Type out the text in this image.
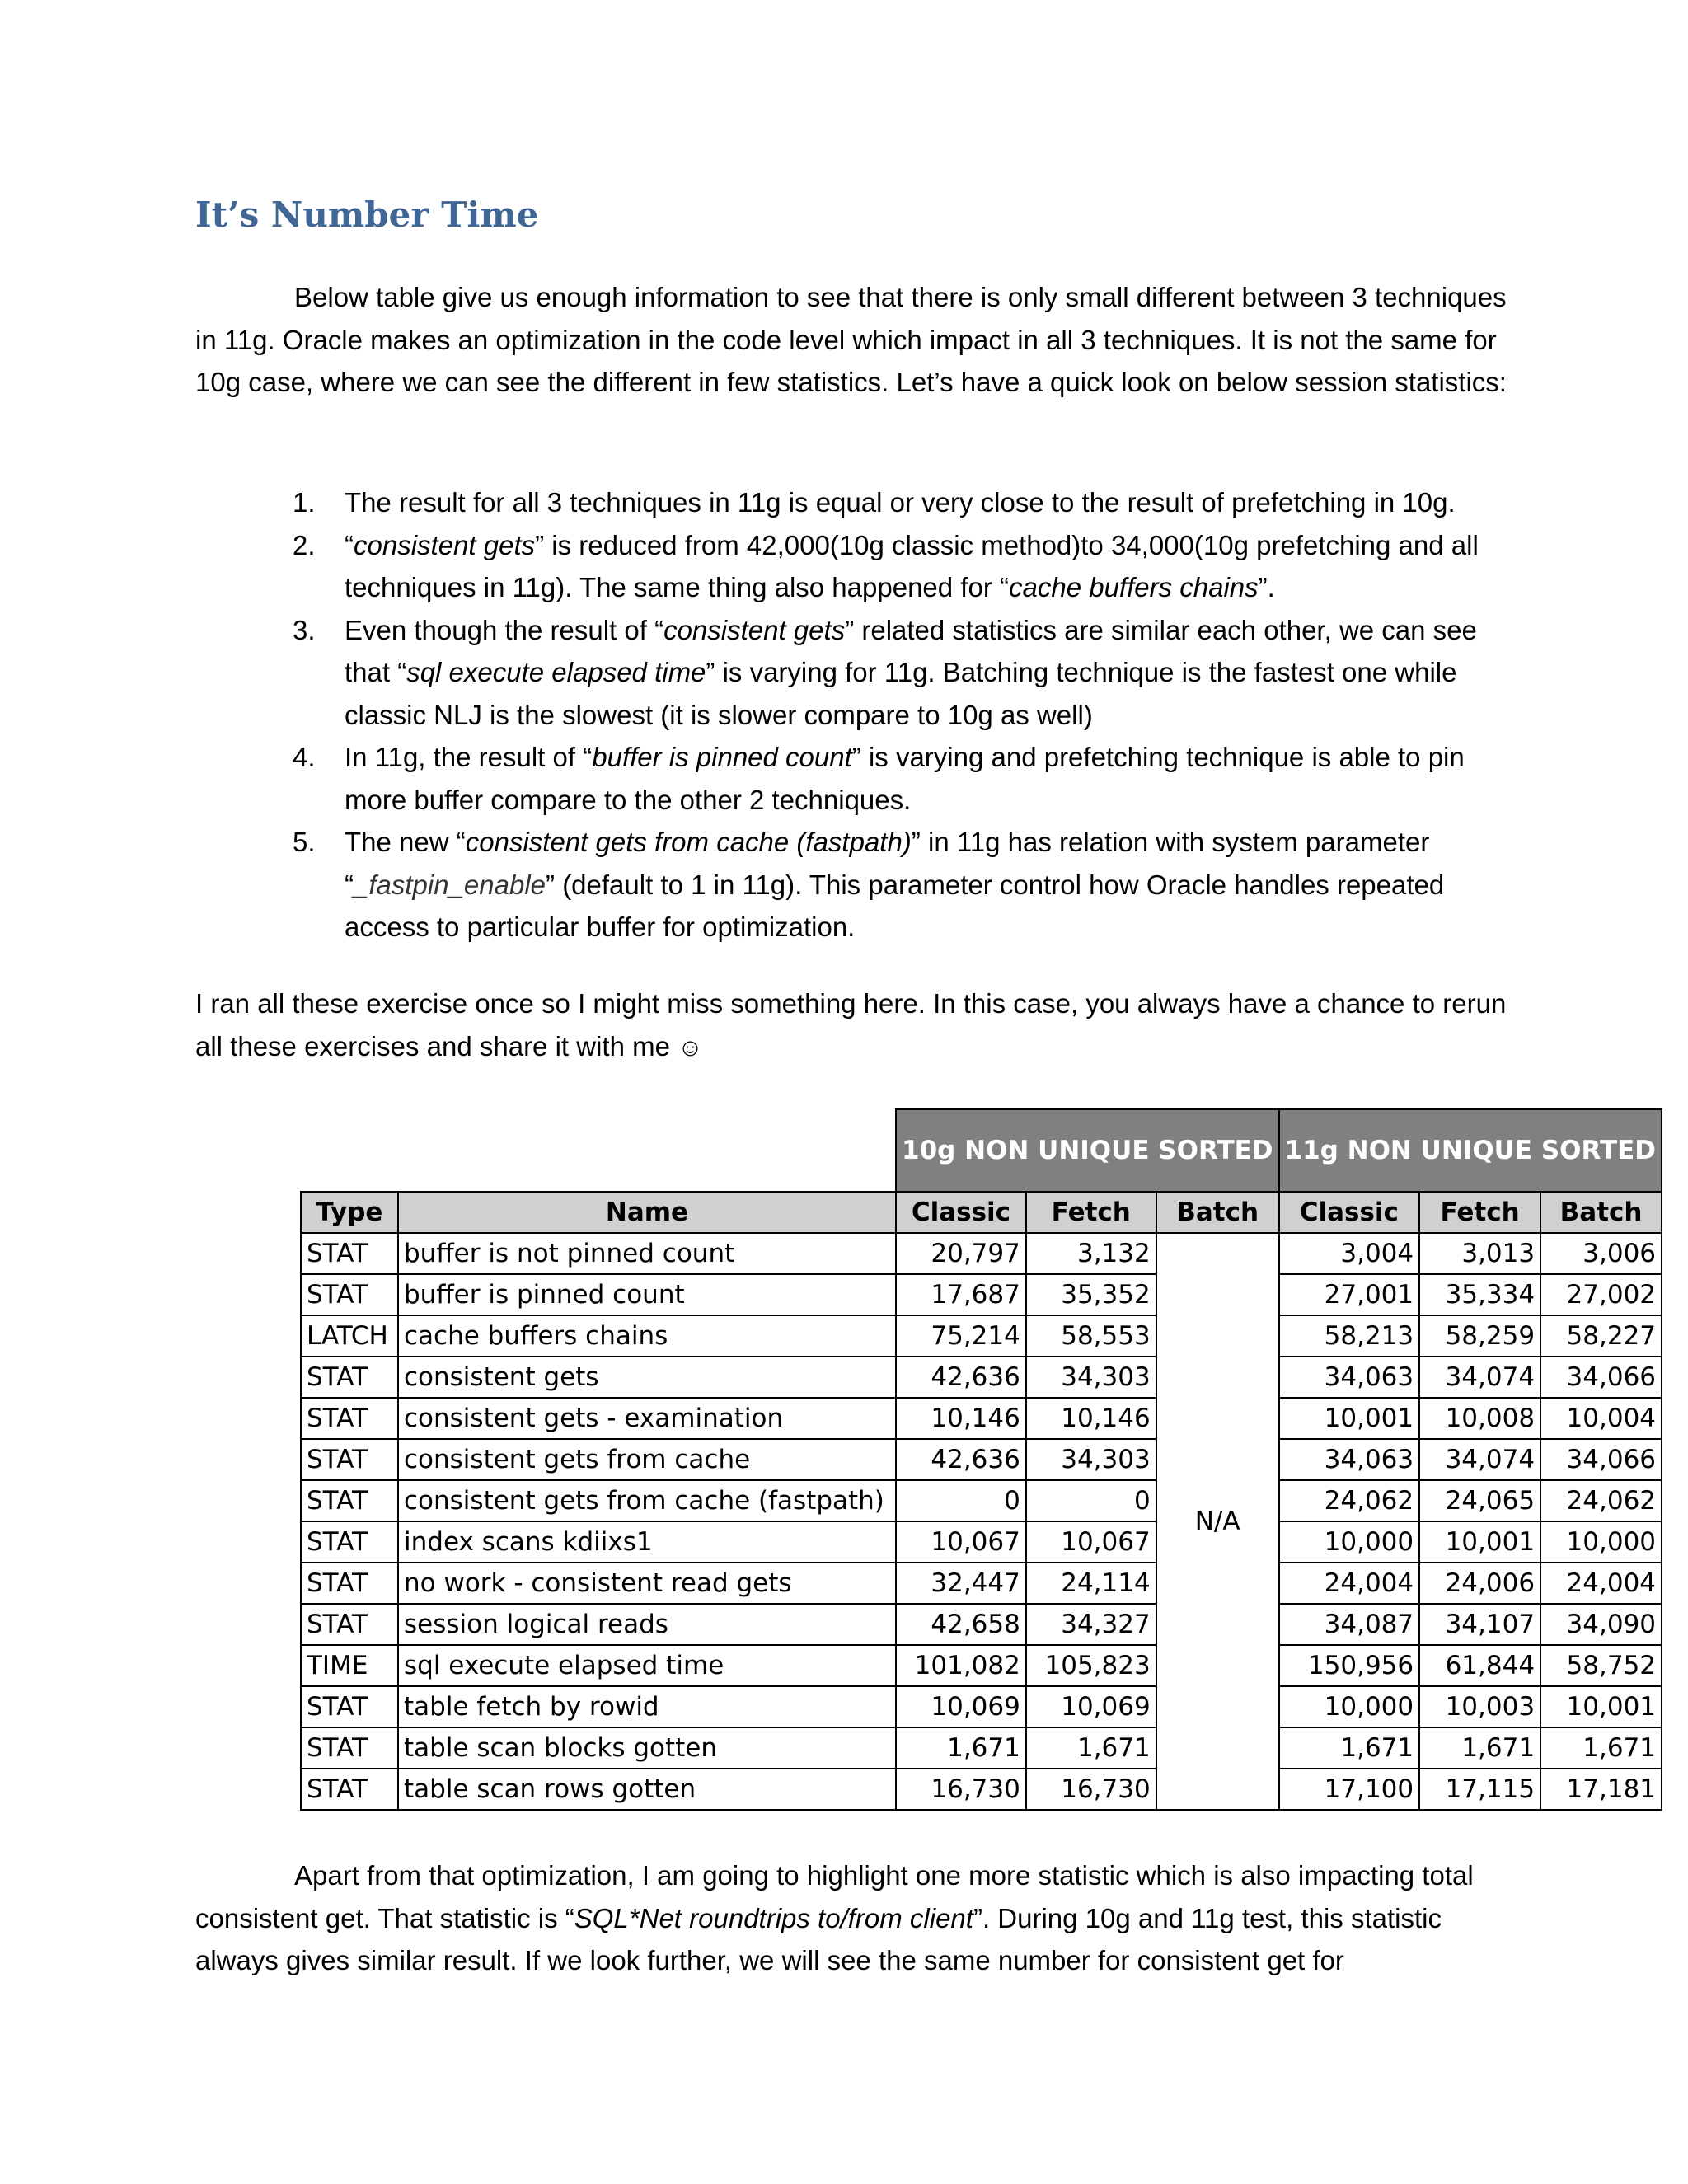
It’s Number Time

Below table give us enough information to see that there is only small different between 3 techniques in 11g. Oracle makes an optimization in the code level which impact in all 3 techniques. It is not the same for 10g case, where we can see the different in few statistics. Let’s have a quick look on below session statistics:

1. The result for all 3 techniques in 11g is equal or very close to the result of prefetching in 10g.
2. “consistent gets” is reduced from 42,000(10g classic method)to 34,000(10g prefetching and all techniques in 11g). The same thing also happened for “cache buffers chains”.
3. Even though the result of “consistent gets” related statistics are similar each other, we can see that “sql execute elapsed time” is varying for 11g. Batching technique is the fastest one while classic NLJ is the slowest (it is slower compare to 10g as well)
4. In 11g, the result of “buffer is pinned count” is varying and prefetching technique is able to pin more buffer compare to the other 2 techniques.
5. The new “consistent gets from cache (fastpath)” in 11g has relation with system parameter “_fastpin_enable” (default to 1 in 11g). This parameter control how Oracle handles repeated access to particular buffer for optimization.

I ran all these exercise once so I might miss something here. In this case, you always have a chance to rerun all these exercises and share it with me ☺

		10g NON UNIQUE SORTED			11g NON UNIQUE SORTED		
Type	Name	Classic	Fetch	Batch	Classic	Fetch	Batch
STAT	buffer is not pinned count	20,797	3,132	N/A	3,004	3,013	3,006
STAT	buffer is pinned count	17,687	35,352		27,001	35,334	27,002
LATCH	cache buffers chains	75,214	58,553		58,213	58,259	58,227
STAT	consistent gets	42,636	34,303		34,063	34,074	34,066
STAT	consistent gets - examination	10,146	10,146		10,001	10,008	10,004
STAT	consistent gets from cache	42,636	34,303		34,063	34,074	34,066
STAT	consistent gets from cache (fastpath)	0	0		24,062	24,065	24,062
STAT	index scans kdiixs1	10,067	10,067		10,000	10,001	10,000
STAT	no work - consistent read gets	32,447	24,114		24,004	24,006	24,004
STAT	session logical reads	42,658	34,327		34,087	34,107	34,090
TIME	sql execute elapsed time	101,082	105,823		150,956	61,844	58,752
STAT	table fetch by rowid	10,069	10,069		10,000	10,003	10,001
STAT	table scan blocks gotten	1,671	1,671		1,671	1,671	1,671
STAT	table scan rows gotten	16,730	16,730		17,100	17,115	17,181

Apart from that optimization, I am going to highlight one more statistic which is also impacting total consistent get. That statistic is “SQL*Net roundtrips to/from client”. During 10g and 11g test, this statistic always gives similar result. If we look further, we will see the same number for consistent get for
